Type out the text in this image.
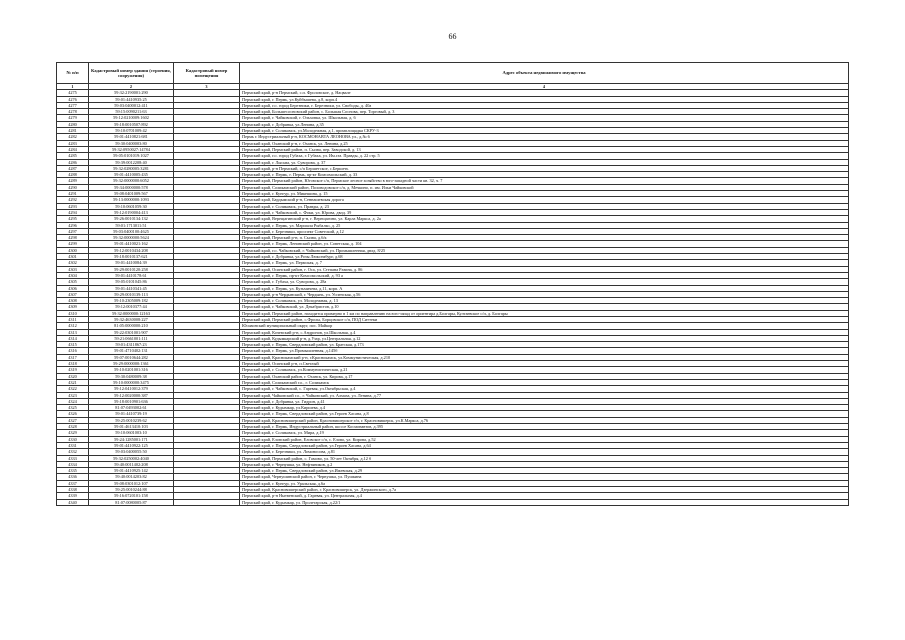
66
№ п/п	Кадастровый номер здания (строения, сооружения)	Кадастровый номер помещения	Адрес объекта недвижимого имущества
1	2	3	4
4275	59:32:2190001:290		Пермский край, р-н Пермский, с.п. Фроловское, д. Нацвале
4276	59:01:4410935:25		Пермский край, г. Пермь, ул.Куйбышева, д.8, корп.4
4277	59:03:0400012:411		Пермский край, г.о. город Березники, г. Березники, ул. Свободы, д. 40а
4278	59:15:0090211:63		Пермский край, Большесосновский район, с. Большая Соснова, пер. Торговый, д. 3
4279	59:12:0210009:1602		Пермский край, г. Чайковский, г. Ольховка, ул. Школьная, д. 6
4280	59:18:0010507:892		Пермский край, г. Добрянка, ул.Ленина, д.35
4281	59:10:0701009:42		Пермский край, г. Соликамск, ул.Молодежная, д.1, промплощадка СКРУ-3
4282	59:01:4410821:681		Пермь г. Индустриальный р-н, КОСМОНАВТА ЛЕОНОВА ул., д.№ 6
4283	59:30:0400003:80		Пермский край, Оханский р-н, г. Оханск, ул. Ленина, д.25
4284	59:32:0950027:14784		Пермский край, Пермский район, п. Сылва, пер. Заводской, д. 13
4285	59:05:0101019:1027		Пермский край, г.о. город Губаха, г. Губаха, ул. Им.газ. Правды, д. 22 стр. 5
4286	59:39:0012208:40		Пермский край, г. Лысьва, ул. Суворова, д. 37
4287	59:32:0280005:3281		Пермский край, р-н Пермский, с/п Бершетское, с.Бершеть
4288	59:01:4410005:435		Пермский край, г. Пермь, г. Пермь, пр-кт Комсомольский, д. 33
4289	59:32:0000000:6052		Пермский край, Пермский район, Юговское с/п, Пермское лесное хозяйство в юго-западной части кв. 32, ч. 7
4290	59:34:0000000:578		Пермский край, Соликамский район, Половодовское с/п, д. Мечкино, п. им. Ильи Чайковской
4291	59:08:0401009:567		Пермский край, г. Кунгур, ул. Микешина, д. 15
4292	59:13:0000000:1093		Пермский край, Бардымский р-н, Сеннашевская дорога
4293	59:10:0601059:30		Пермский край, г. Соликамск, ул. Правды, д. 23
4294	59:12:0190004:413		Пермский край, г. Чайковский, с. Фоки, ул. Юрова, двлд. 39
4295	59:26:0010134:132		Пермский край, Верещагинский р-н, г. Верещагино, ул. Карла Маркса, д. 2а
4296	59:01:1713011:51		Пермский край, г. Пермь, ул. Маршала Рыбалко, д. 25
4297	59:03:0400100:4625		Пермский край, г. Березники, проспект Советский, д.12
4298	59:32:0000000:5624		Пермский край, Пермский р-н, п. Сылва, д.6/к
4299	59:01:4410021:162		Пермский край, г. Пермь, Ленинский район, ул. Советская, д. 104
4300	59:12:0010434:208		Пермский край, г.о. Чайковский, г. Чайковский, ул. Промышленная, двлд. 8/25
4301	59:18:0010137:621		Пермский край, г. Добрянка, ул.Розы Люксембург, д.68
4302	59:01:4410084:39		Пермский край, г. Пермь, ул. Пермская, д. 7
4303	59:29:0010120:258		Пермский край, Осинский район, г. Оса, ул. Степана Разина, д. 86
4304	59:01:4410178:61		Пермский край, г. Пермь, пр-кт Комсомольский, д. 93 а
4305	59:05:0101045:86		Пермский край, г. Губаха, ул. Суворова, д. 28а
4306	59:01:4410341:45		Пермский край, г. Пермь, ул. Кузьмичева, д.11, корп. А
4307	59:29:0010139:113		Пермский край, р-н Чердынский, г. Чердынь, ул. Успенская, д.56
4308	59:10:2305009:182		Пермский край, г. Соликамск, ул. Молодежная, д. 13
4309	59:12:0010377:44		Пермский край, г. Чайковский, ул. Декабристов, д.10
4310	59:32:0000000:12163		Пермский край, Пермский район, находится примерно в 1 км по направлению на юго-запад от ориентира д.Болгары, Култаевское с/п, д. Болгары
4311	59:32:4630008:227		Пермский край, Пермский район, с.Фролы, Борцовское с/п, ПОД Ситтеки
4312	81:05:0000000:210		Юсьвинский муниципальный округ, пос. Майкор
4313	59:22:0301001:907		Пермский край, Кочевский р-н, с.Андронов, ул.Школьная, д.4
4314	59:21:0661001:111		Пермский край, Кудымкарский р-н, д.Узар, ул.Центральная, д.12
4315	59:01:4311867:23		Пермский край, г. Пермь, Свердловский район, ул. Братская, д.173
4316	59:01:4710402:131		Пермский край, г. Пермь, ул.Промышленная, д.145б
4317	59:07:0010644:282		Пермский край, Краснокамский р-н, г.Краснокамск, ул.Коммунистическая, д.210
4318	59:29:0000000:1361		Пермский край, Осинский р-н, п.Светлый
4319	59:10:0201001:316		Пермский край, г. Соликамск, ул.Коммунистическая, д.21
4320	59:30:0480009:38		Пермский край, Оханский район, г. Оханск, ул. Кирова, д.17
4321	59:10:0000000:3475		Пермский край, Соликамский г.о., г. Соликамск
4322	59:12:0410012:379		Пермский край, г. Чайковский, с. Гаревая, ул.Октябрьская, д.4
4323	59:12:0020000:387		Пермский край, Чайковский г.о., г. Чайковский, ул. Алмаза, ул. Ленина, д.77
4324	59:18:0010901:636		Пермский край, г. Добрянка, ул. Гидрон, д.41
4325	81:07:0493002:61		Пермский край, г. Кудымкар, ул.Киршева, д.4
4326	59:01:4410739:19		Пермский край, г. Пермь, Свердловский район, ул.Героев Хасана, д.8
4327	59:25:0010239:62		Пермский край, Красновишерский район, Красновишерское г/п, г. Красновишерск, ул.К.Маркса, д.76
4328	59:01:4613410:103		Пермский край, г. Пермь, Индустриальный район, шоссе Космонавтов, д.395
4329	59:10:0601003:10		Пермский край, г. Соликамск, ул. Мира, д.19
4330	59:24:1285001:171		Пермский край, Еловский район, Еловское с/п, с. Елово, ул. Кирова, д.52
4331	59:01:4410922:125		Пермский край, г. Пермь, Свердловский район, ул.Героев Хасана, д.64
4332	59:03:0400055:50		Пермский край, г. Березники, ул. Ломоносова, д.81
4333	59:32:0250002:4040		Пермский край, Пермский район, с. Гамово, ул. 50-лет Октября, д.12 б
4334	59:40:0011402:208		Пермский край, г. Чернушка, ул. Нефтяников, д.2
4335	59:01:4410925:142		Пермский край, г. Пермь, Свердловский район, ул.Ижевская, д.29
4336	59:40:0014203:82		Пермский край, Чернушинский район, г. Чернушка, ул. Пушкина
4337	59:08:0301012:107		Пермский край, г. Кунгур, ул. Уральская, д.6а
4338	59:25:0010244:88		Пермский край, Красновишерский район, г. Красновишерск, ул. Дзержинского, д.7а
4339	59:16:0720101:158		Пермский край, р-н Нытвенский, д. Гаревая, ул. Центральная, д.4
4340	81:07:0080005:87		Пермский край, г. Кудымкар, ул. Пролетарская, д.22/1
